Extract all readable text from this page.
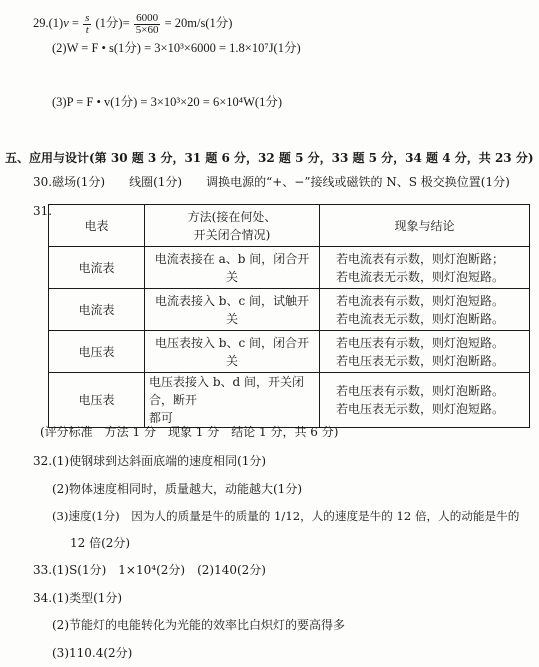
$29.(1)v = \frac{s}{t} (1$分)= $\frac{6000}{5\times 60} = 20m/s(1$分)
(2)W = F • s(1分) = 3×10³×6000 = 1.8×10⁷J(1分)
(3)P = F • v(1分) = 3×10³×20 = 6×10⁴W(1分)
五、应用与设计(第 30 题 3 分，31 题 6 分，32 题 5 分，33 题 5 分，34 题 4 分，共 23 分)
30.磁场(1分)　　线圈(1分)　　调换电源的“+、−”接线或磁铁的 N、S 极交换位置(1分)
31.
电表	方法(接在何处、
开关闭合情况)	现象与结论
电流表	电流表接在 a、b 间，闭合开关	若电流表有示数，则灯泡断路；
若电流表无示数，则灯泡短路。
电流表	电流表接入 b、c 间，试触开关	若电流表有示数，则灯泡短路。
若电流表无示数，则灯泡断路。
电压表	电压表按入 b、c 间，闭合开关	若电压表有示数，则灯泡短路。
若电压表无示数，则灯泡断路。
电压表	电压表接入 b、d 间，开关闭合，断开
都可	若电压表有示数，则灯泡断路。
若电压表无示数，则灯泡短路。
(评分标准　方法 1 分　现象 1 分　结论 1 分，共 6 分)
32.(1)使钢球到达斜面底端的速度相同(1分)
(2)物体速度相同时，质量越大，动能越大(1分)
(3)速度(1分)　因为人的质量是牛的质量的 1/12，人的速度是牛的 12 倍，人的动能是牛的
12 倍(2分)
33.(1)S(1分)　1×10⁴(2分)　(2)140(2分)
34.(1)类型(1分)
(2)节能灯的电能转化为光能的效率比白炽灯的要高得多
(3)110.4(2分)
